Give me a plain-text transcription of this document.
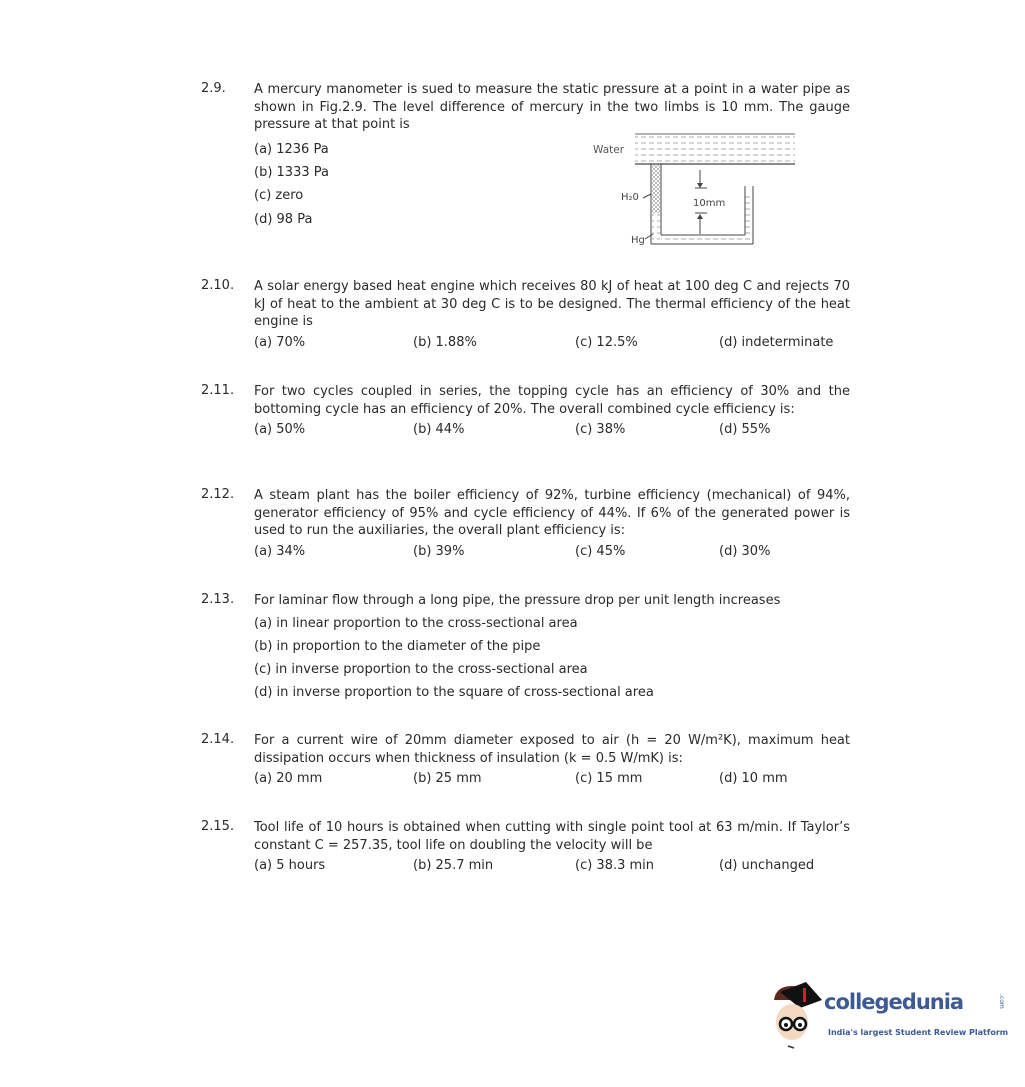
2.9. A mercury manometer is sued to measure the static pressure at a point in a water pipe as shown in Fig.2.9. The level difference of mercury in the two limbs is 10 mm. The gauge pressure at that point is
(a) 1236 Pa
(b) 1333 Pa
(c) zero
(d) 98 Pa
Water
10mm
H₂0
Hg
2.10. A solar energy based heat engine which receives 80 kJ of heat at 100 deg C and rejects 70 kJ of heat to the ambient at 30 deg C is to be designed. The thermal efficiency of the heat engine is
(a) 70%	(b) 1.88%	(c) 12.5%	(d) indeterminate
2.11. For two cycles coupled in series, the topping cycle has an efficiency of 30% and the bottoming cycle has an efficiency of 20%. The overall combined cycle efficiency is:
(a) 50%	(b) 44%	(c) 38%	(d) 55%
2.12. A steam plant has the boiler efficiency of 92%, turbine efficiency (mechanical) of 94%, generator efficiency of 95% and cycle efficiency of 44%. If 6% of the generated power is used to run the auxiliaries, the overall plant efficiency is:
(a) 34%	(b) 39%	(c) 45%	(d) 30%
2.13. For laminar flow through a long pipe, the pressure drop per unit length increases
(a) in linear proportion to the cross-sectional area
(b) in proportion to the diameter of the pipe
(c) in inverse proportion to the cross-sectional area
(d) in inverse proportion to the square of cross-sectional area
2.14. For a current wire of 20mm diameter exposed to air (h = 20 W/m²K), maximum heat dissipation occurs when thickness of insulation (k = 0.5 W/mK) is:
(a) 20 mm	(b) 25 mm	(c) 15 mm	(d) 10 mm
2.15. Tool life of 10 hours is obtained when cutting with single point tool at 63 m/min. If Taylor’s constant C = 257.35, tool life on doubling the velocity will be
(a) 5 hours	(b) 25.7 min	(c) 38.3 min	(d) unchanged
collegedunia	.com
India's largest Student Review Platform
